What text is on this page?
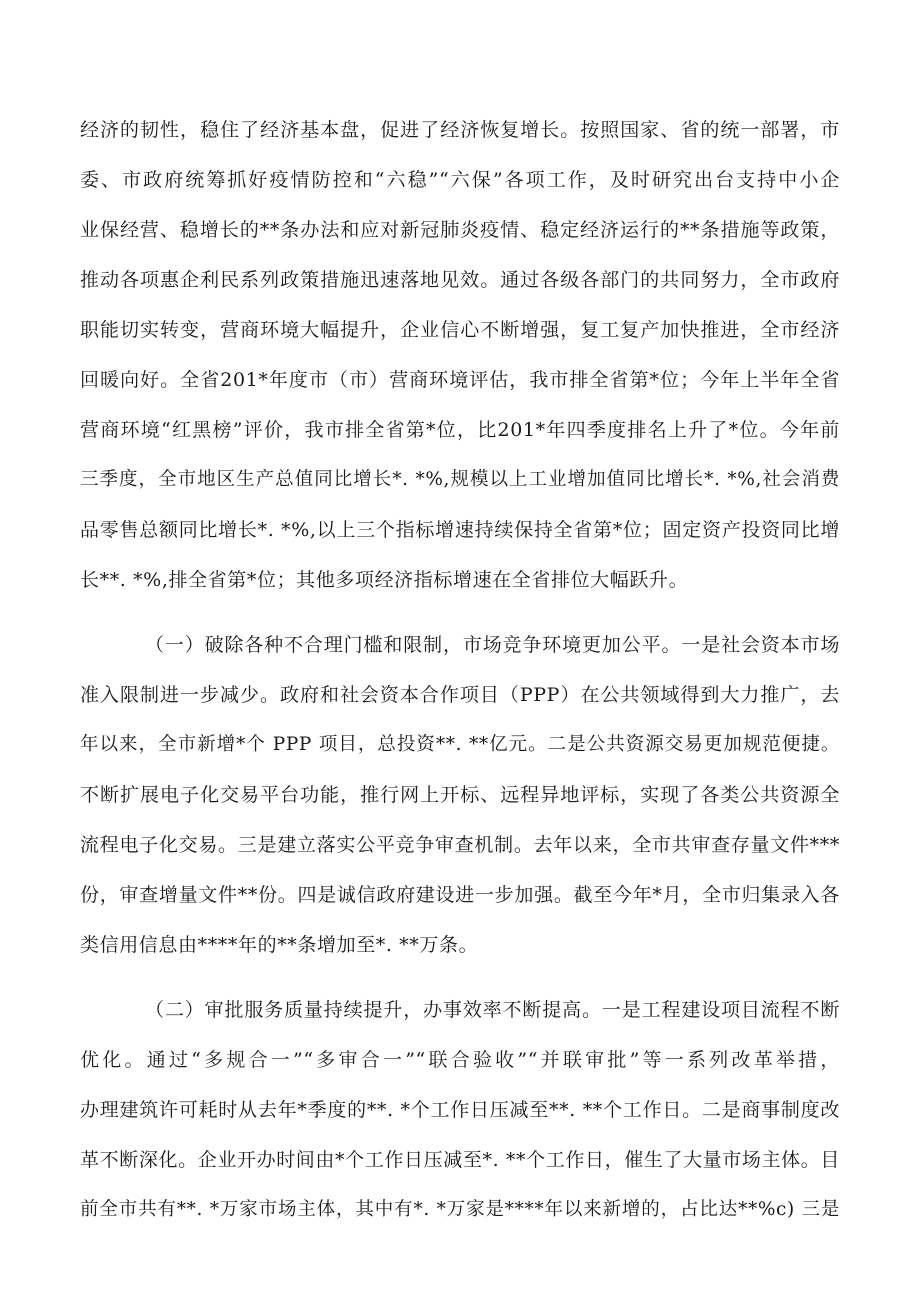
经济的韧性，稳住了经济基本盘，促进了经济恢复增长。按照国家、省的统一部署，市
委、市政府统筹抓好疫情防控和“六稳”“六保”各项工作，及时研究出台支持中小企
业保经营、稳增长的**条办法和应对新冠肺炎疫情、稳定经济运行的**条措施等政策，
推动各项惠企利民系列政策措施迅速落地见效。通过各级各部门的共同努力，全市政府
职能切实转变，营商环境大幅提升，企业信心不断增强，复工复产加快推进，全市经济
回暖向好。全省201*年度市（市）营商环境评估，我市排全省第*位；今年上半年全省
营商环境“红黑榜”评价，我市排全省第*位，比201*年四季度排名上升了*位。今年前
三季度，全市地区生产总值同比增长*. *%,规模以上工业增加值同比增长*. *%,社会消费
品零售总额同比增长*. *%,以上三个指标增速持续保持全省第*位；固定资产投资同比增
长**. *%,排全省第*位；其他多项经济指标增速在全省排位大幅跃升。
（一）破除各种不合理门槛和限制，市场竞争环境更加公平。一是社会资本市场
准入限制进一步减少。政府和社会资本合作项目（PPP）在公共领域得到大力推广，去
年以来，全市新增*个 PPP 项目，总投资**. **亿元。二是公共资源交易更加规范便捷。
不断扩展电子化交易平台功能，推行网上开标、远程异地评标，实现了各类公共资源全
流程电子化交易。三是建立落实公平竞争审查机制。去年以来，全市共审查存量文件***
份，审查增量文件**份。四是诚信政府建设进一步加强。截至今年*月，全市归集录入各
类信用信息由****年的**条增加至*. **万条。
（二）审批服务质量持续提升，办事效率不断提高。一是工程建设项目流程不断
优化。通过“多规合一”“多审合一”“联合验收”“并联审批”等一系列改革举措，
办理建筑许可耗时从去年*季度的**. *个工作日压减至**. **个工作日。二是商事制度改
革不断深化。企业开办时间由*个工作日压减至*. **个工作日，催生了大量市场主体。目
前全市共有**. *万家市场主体，其中有*. *万家是****年以来新增的，占比达**%c) 三是
